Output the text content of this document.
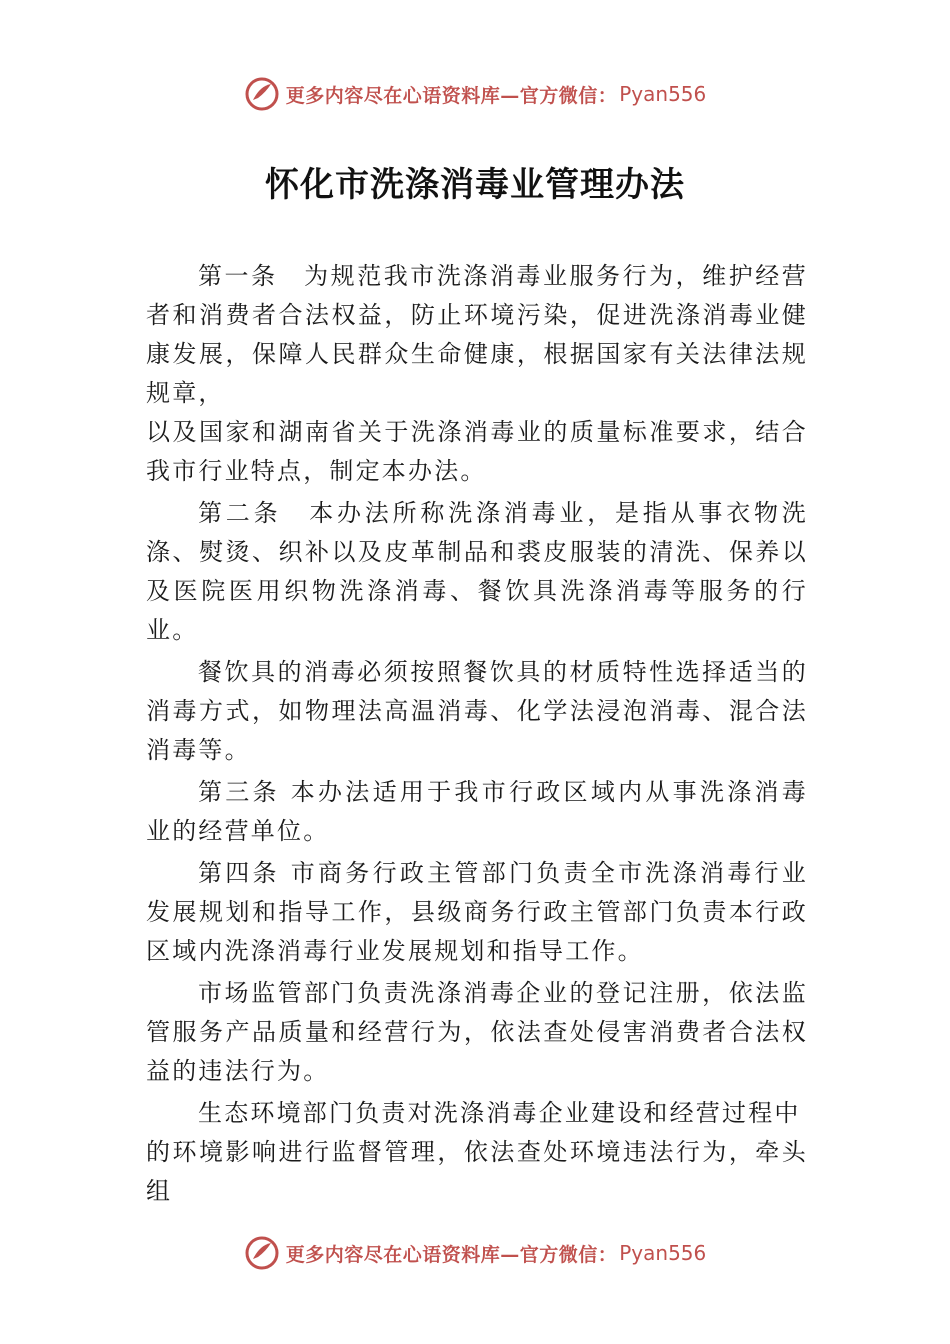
更多内容尽在心语资料库—官方微信： Pyan556
怀化市洗涤消毒业管理办法

第一条　为规范我市洗涤消毒业服务行为，维护经营者和消费者合法权益，防止环境污染，促进洗涤消毒业健康发展，保障人民群众生命健康，根据国家有关法律法规规章，

以及国家和湖南省关于洗涤消毒业的质量标准要求，结合我市行业特点，制定本办法。

第二条　本办法所称洗涤消毒业，是指从事衣物洗涤、熨烫、织补以及皮革制品和裘皮服装的清洗、保养以及医院医用织物洗涤消毒、餐饮具洗涤消毒等服务的行业。

餐饮具的消毒必须按照餐饮具的材质特性选择适当的消毒方式，如物理法高温消毒、化学法浸泡消毒、混合法消毒等。

第三条 本办法适用于我市行政区域内从事洗涤消毒业的经营单位。

第四条 市商务行政主管部门负责全市洗涤消毒行业发展规划和指导工作，县级商务行政主管部门负责本行政区域内洗涤消毒行业发展规划和指导工作。

市场监管部门负责洗涤消毒企业的登记注册，依法监管服务产品质量和经营行为，依法查处侵害消费者合法权益的违法行为。

生态环境部门负责对洗涤消毒企业建设和经营过程中

的环境影响进行监督管理，依法查处环境违法行为，牵头组

更多内容尽在心语资料库—官方微信： Pyan556
